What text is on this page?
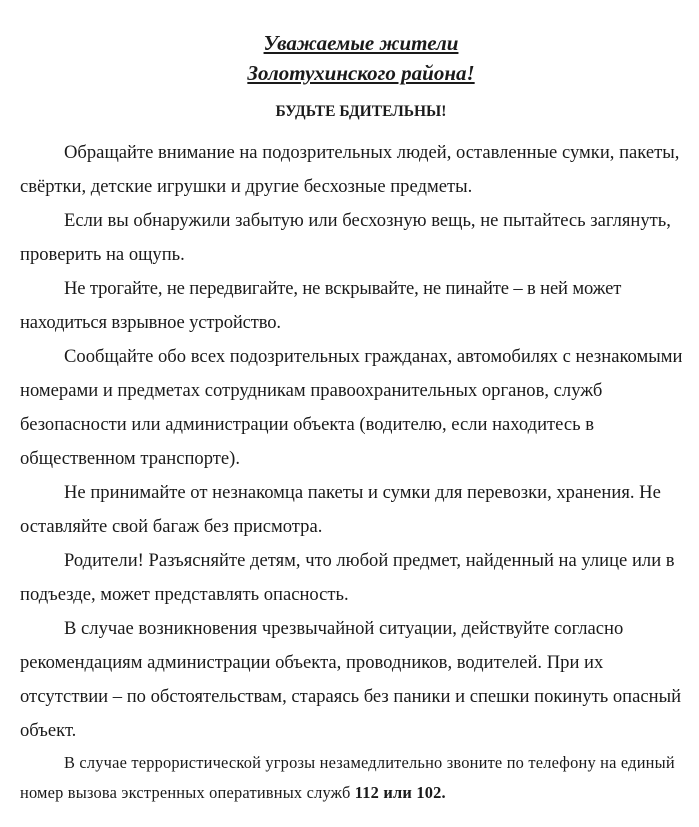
Уважаемые жители

Золотухинского района!

БУДЬТЕ БДИТЕЛЬНЫ!

Обращайте внимание на подозрительных людей, оставленные сумки, пакеты, свёртки, детские игрушки и другие бесхозные предметы.

Если вы обнаружили забытую или бесхозную вещь, не пытайтесь заглянуть, проверить на ощупь.

Не трогайте, не передвигайте, не вскрывайте, не пинайте – в ней может находиться взрывное устройство.

Сообщайте обо всех подозрительных гражданах, автомобилях с незнакомыми номерами и предметах сотрудникам правоохранительных органов, служб безопасности или администрации объекта (водителю, если находитесь в общественном транспорте).

Не принимайте от незнакомца пакеты и сумки для перевозки, хранения. Не оставляйте свой багаж без присмотра.

Родители! Разъясняйте детям, что любой предмет, найденный на улице или в подъезде, может представлять опасность.

В случае возникновения чрезвычайной ситуации, действуйте согласно рекомендациям администрации объекта, проводников, водителей. При их отсутствии – по обстоятельствам, стараясь без паники и спешки покинуть опасный объект.

В случае террористической угрозы незамедлительно звоните по телефону на единый номер вызова экстренных оперативных служб 112 или 102.
